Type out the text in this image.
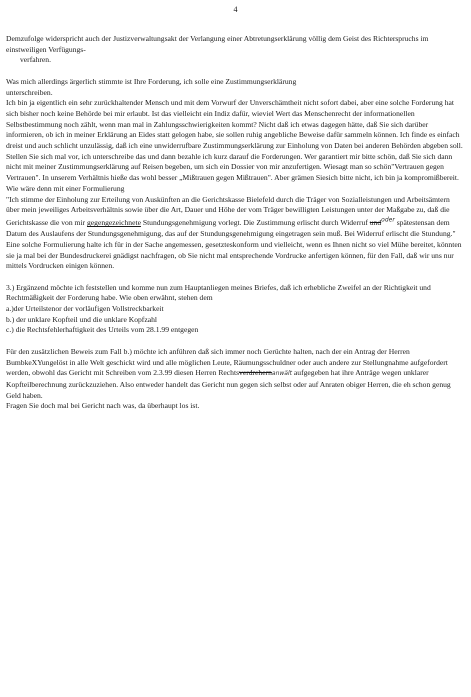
4

Demzufolge widerspricht auch der Justizverwaltungsakt der Verlangung einer Abtretungserklärung völlig dem Geist des Richterspruchs im einstweiligen Verfügungs-
verfahren.

Was mich allerdings ärgerlich stimmte ist Ihre Forderung, ich solle eine Zustimmungserklärung
unterschreiben.
Ich bin ja eigentlich ein sehr zurückhaltender Mensch und mit dem Vorwurf der Unverschämtheit nicht sofort dabei, aber eine solche Forderung hat sich bisher noch keine Behörde bei mir erlaubt. Ist das vielleicht ein Indiz dafür, wieviel Wert das Menschenrecht der informationellen Selbstbestimmung noch zählt, wenn man mal in Zahlungsschwierigkeiten kommt? Nicht daß ich etwas dagegen hätte, daß Sie sich darüber informieren, ob ich in meiner Erklärung an Eides statt gelogen habe, sie sollen ruhig angebliche Beweise dafür sammeln können. Ich finde es einfach dreist und auch schlicht unzulässig, daß ich eine unwiderrufbare Zustimmungserklärung zur Einholung von Daten bei anderen Behörden abgeben soll. Stellen Sie sich mal vor, ich unterschreibe das und dann bezahle ich kurz darauf die Forderungen. Wer garantiert mir bitte schön, daß Sie sich dann nicht mit meiner Zustimmungserklärung auf Reisen begeben, um sich ein Dossier von mir anzufertigen. Wiesagt man so schön"Vertrauen gegen Vertrauen". In unserem Verhältnis hieße das wohl besser „Mißtrauen gegen Mißtrauen". Aber grämen Siesich bitte nicht, ich bin ja kompromißbereit. Wie wäre denn mit einer Formulierung
"Ich stimme der Einholung zur Erteilung von Auskünften an die Gerichtskasse Bielefeld durch die Träger von Sozialleistungen und Arbeitsämtern über mein jeweiliges Arbeitsverhältnis sowie über die Art, Dauer und Höhe der vom Träger bewilligten Leistungen unter der Maßgabe zu, daß die Gerichtskasse die von mir gegengezeichnete Stundungsgenehmigung vorlegt. Die Zustimmung erlischt durch Widerruf und$^{oder}$ spätestensan dem Datum des Auslaufens der Stundungsgenehmigung, das auf der Stundungsgenehmigung eingetragen sein muß. Bei Widerruf erlischt die Stundung."
Eine solche Formulierung halte ich für in der Sache angemessen, gesetzteskonform und vielleicht, wenn es Ihnen nicht so viel Mühe bereitet, könnten sie ja mal bei der Bundesdruckerei gnädigst nachfragen, ob Sie nicht mal entsprechende Vordrucke anfertigen können, für den Fall, daß wir uns nur mittels Vordrucken einigen können.

3.) Ergänzend möchte ich feststellen und komme nun zum Hauptanliegen meines Briefes, daß ich erhebliche Zweifel an der Richtigkeit und Rechtmäßigkeit der Forderung habe. Wie oben erwähnt, stehen dem

a.)der Urteilstenor der vorläufigen Vollstreckbarkeit

b.) der unklare Kopfteil und die unklare Kopfzahl

c.) die Rechtsfehlerhaftigkeit des Urteils vom 28.1.99 entgegen

Für den zusätzlichen Beweis zum Fall b.) möchte ich anführen daß sich immer noch Gerüchte halten, nach der ein Antrag der Herren BumbkeXYungelöst in alle Welt geschickt wird und alle möglichen Leute, Räumungsschuldner oder auch andere zur Stellungnahme aufgefordert werden, obwohl das Gericht mit Schreiben vom 2.3.99 diesen Herren Rechtsverdrehernanwält aufgegeben hat ihre Anträge wegen unklarer Kopfteilberechnung zurückzuziehen. Also entweder handelt das Gericht nun gegen sich selbst oder auf Anraten obiger Herren, die eh schon genug Geld haben.
Fragen Sie doch mal bei Gericht nach was, da überhaupt los ist.
